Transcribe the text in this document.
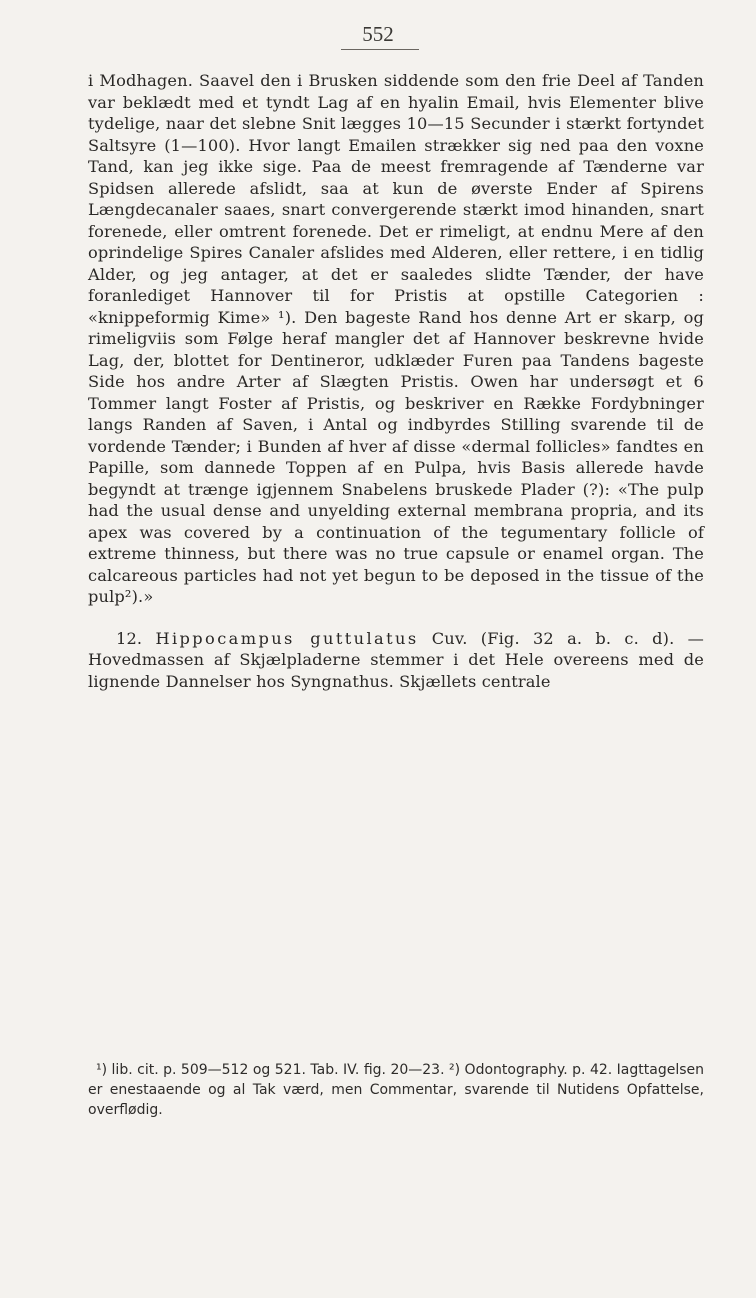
552

i Modhagen. Saavel den i Brusken siddende som den frie Deel af Tanden var beklædt med et tyndt Lag af en hyalin Email, hvis Elementer blive tydelige, naar det slebne Snit lægges 10—15 Secunder i stærkt fortyndet Saltsyre (1—100). Hvor langt Emailen strækker sig ned paa den voxne Tand, kan jeg ikke sige. Paa de meest fremragende af Tænderne var Spidsen allerede afslidt, saa at kun de øverste Ender af Spirens Længdecanaler saaes, snart convergerende stærkt imod hinanden, snart forenede, eller omtrent forenede. Det er rimeligt, at endnu Mere af den oprindelige Spires Canaler afslides med Alderen, eller rettere, i en tidlig Alder, og jeg antager, at det er saaledes slidte Tænder, der have foranlediget Hannover til for Pristis at opstille Categorien : «knippeformig Kime» ¹). Den bageste Rand hos denne Art er skarp, og rimeligviis som Følge heraf mangler det af Hannover beskrevne hvide Lag, der, blottet for Dentineror, udklæder Furen paa Tandens bageste Side hos andre Arter af Slægten Pristis. Owen har undersøgt et 6 Tommer langt Foster af Pristis, og beskriver en Række Fordybninger langs Randen af Saven, i Antal og indbyrdes Stilling svarende til de vordende Tænder; i Bunden af hver af disse «dermal follicles» fandtes en Papille, som dannede Toppen af en Pulpa, hvis Basis allerede havde begyndt at trænge igjennem Snabelens bruskede Plader (?): «The pulp had the usual dense and unyelding external membrana propria, and its apex was covered by a continuation of the tegumentary follicle of extreme thinness, but there was no true capsule or enamel organ. The calcareous particles had not yet begun to be deposed in the tissue of the pulp²).»

12. Hippocampus guttulatus Cuv. (Fig. 32 a. b. c. d). — Hovedmassen af Skjælpladerne stemmer i det Hele overeens med de lignende Dannelser hos Syngnathus. Skjællets centrale

¹) lib. cit. p. 509—512 og 521. Tab. IV. fig. 20—23. ²) Odontography. p. 42. Iagttagelsen er enestaaende og al Tak værd, men Commentar, svarende til Nutidens Opfattelse, overflødig.
